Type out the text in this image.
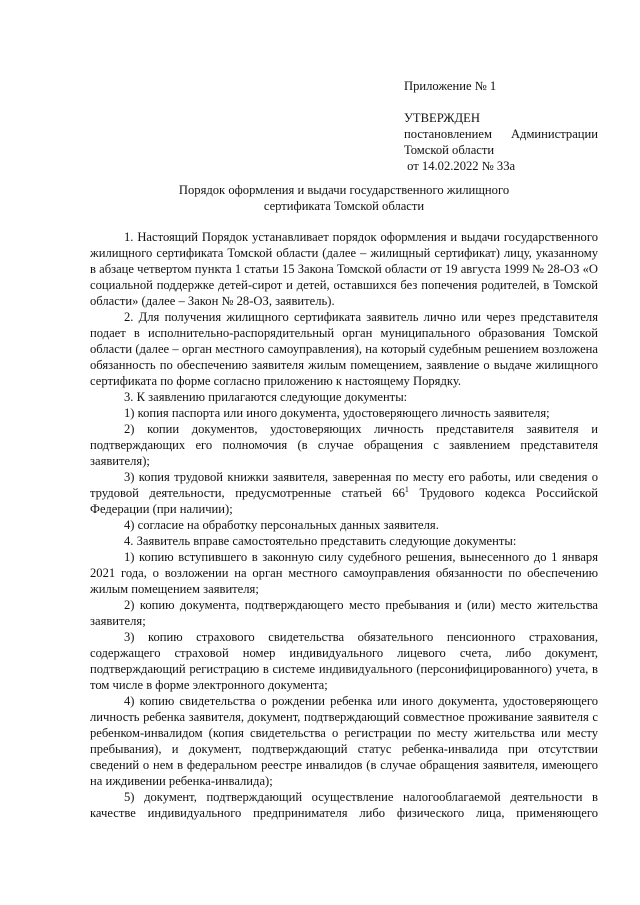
Приложение № 1
УТВЕРЖДЕН
постановлением Администрации
Томской области
от 14.02.2022 № 33а
Порядок оформления и выдачи государственного жилищного
сертификата Томской области

1. Настоящий Порядок устанавливает порядок оформления и выдачи государственного жилищного сертификата Томской области (далее – жилищный сертификат) лицу, указанному в абзаце четвертом пункта 1 статьи 15 Закона Томской области от 19 августа 1999 № 28-ОЗ «О социальной поддержке детей-сирот и детей, оставшихся без попечения родителей, в Томской области» (далее – Закон № 28-ОЗ, заявитель).

2. Для получения жилищного сертификата заявитель лично или через представителя подает в исполнительно-распорядительный орган муниципального образования Томской области (далее – орган местного самоуправления), на который судебным решением возложена обязанность по обеспечению заявителя жилым помещением, заявление о выдаче жилищного сертификата по форме согласно приложению к настоящему Порядку.

3. К заявлению прилагаются следующие документы:

1) копия паспорта или иного документа, удостоверяющего личность заявителя;

2) копии документов, удостоверяющих личность представителя заявителя и подтверждающих его полномочия (в случае обращения с заявлением представителя заявителя);

3) копия трудовой книжки заявителя, заверенная по месту его работы, или сведения о трудовой деятельности, предусмотренные статьей $66^1$ Трудового кодекса Российской Федерации (при наличии);

4) согласие на обработку персональных данных заявителя.

4. Заявитель вправе самостоятельно представить следующие документы:

1) копию вступившего в законную силу судебного решения, вынесенного до 1 января 2021 года, о возложении на орган местного самоуправления обязанности по обеспечению жилым помещением заявителя;

2) копию документа, подтверждающего место пребывания и (или) место жительства заявителя;

3) копию страхового свидетельства обязательного пенсионного страхования, содержащего страховой номер индивидуального лицевого счета, либо документ, подтверждающий регистрацию в системе индивидуального (персонифицированного) учета, в том числе в форме электронного документа;

4) копию свидетельства о рождении ребенка или иного документа, удостоверяющего личность ребенка заявителя, документ, подтверждающий совместное проживание заявителя с ребенком-инвалидом (копия свидетельства о регистрации по месту жительства или месту пребывания), и документ, подтверждающий статус ребенка-инвалида при отсутствии сведений о нем в федеральном реестре инвалидов (в случае обращения заявителя, имеющего на иждивении ребенка-инвалида);

5) документ, подтверждающий осуществление налогооблагаемой деятельности в качестве индивидуального предпринимателя либо физического лица, применяющего
